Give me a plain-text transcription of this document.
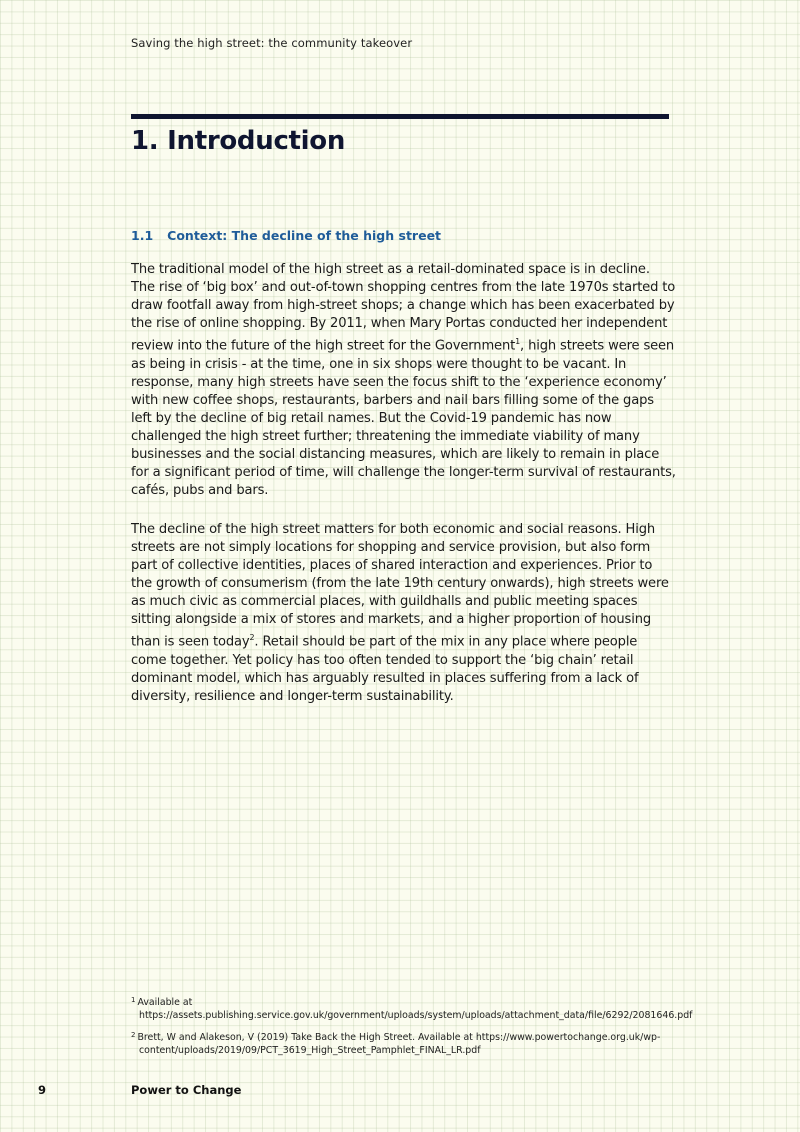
Saving the high street: the community takeover
1. Introduction
1.1 Context: The decline of the high street

The traditional model of the high street as a retail-dominated space is in decline. The rise of ‘big box’ and out-of-town shopping centres from the late 1970s started to draw footfall away from high-street shops; a change which has been exacerbated by the rise of online shopping. By 2011, when Mary Portas conducted her independent review into the future of the high street for the Government$^1$, high streets were seen as being in crisis - at the time, one in six shops were thought to be vacant. In response, many high streets have seen the focus shift to the ‘experience economy’ with new coffee shops, restaurants, barbers and nail bars filling some of the gaps left by the decline of big retail names. But the Covid-19 pandemic has now challenged the high street further; threatening the immediate viability of many businesses and the social distancing measures, which are likely to remain in place for a significant period of time, will challenge the longer-term survival of restaurants, cafés, pubs and bars.

The decline of the high street matters for both economic and social reasons. High streets are not simply locations for shopping and service provision, but also form part of collective identities, places of shared interaction and experiences. Prior to the growth of consumerism (from the late 19th century onwards), high streets were as much civic as commercial places, with guildhalls and public meeting spaces sitting alongside a mix of stores and markets, and a higher proportion of housing than is seen today$^2$. Retail should be part of the mix in any place where people come together. Yet policy has too often tended to support the ‘big chain’ retail dominant model, which has arguably resulted in places suffering from a lack of diversity, resilience and longer-term sustainability.

$^1$ Available at https://assets.publishing.service.gov.uk/government/uploads/system/uploads/attachment_data/file/6292/2081646.pdf

$^2$ Brett, W and Alakeson, V (2019) Take Back the High Street. Available at https://www.powertochange.org.uk/wp-content/uploads/2019/09/PCT_3619_High_Street_Pamphlet_FINAL_LR.pdf

9	Power to Change
